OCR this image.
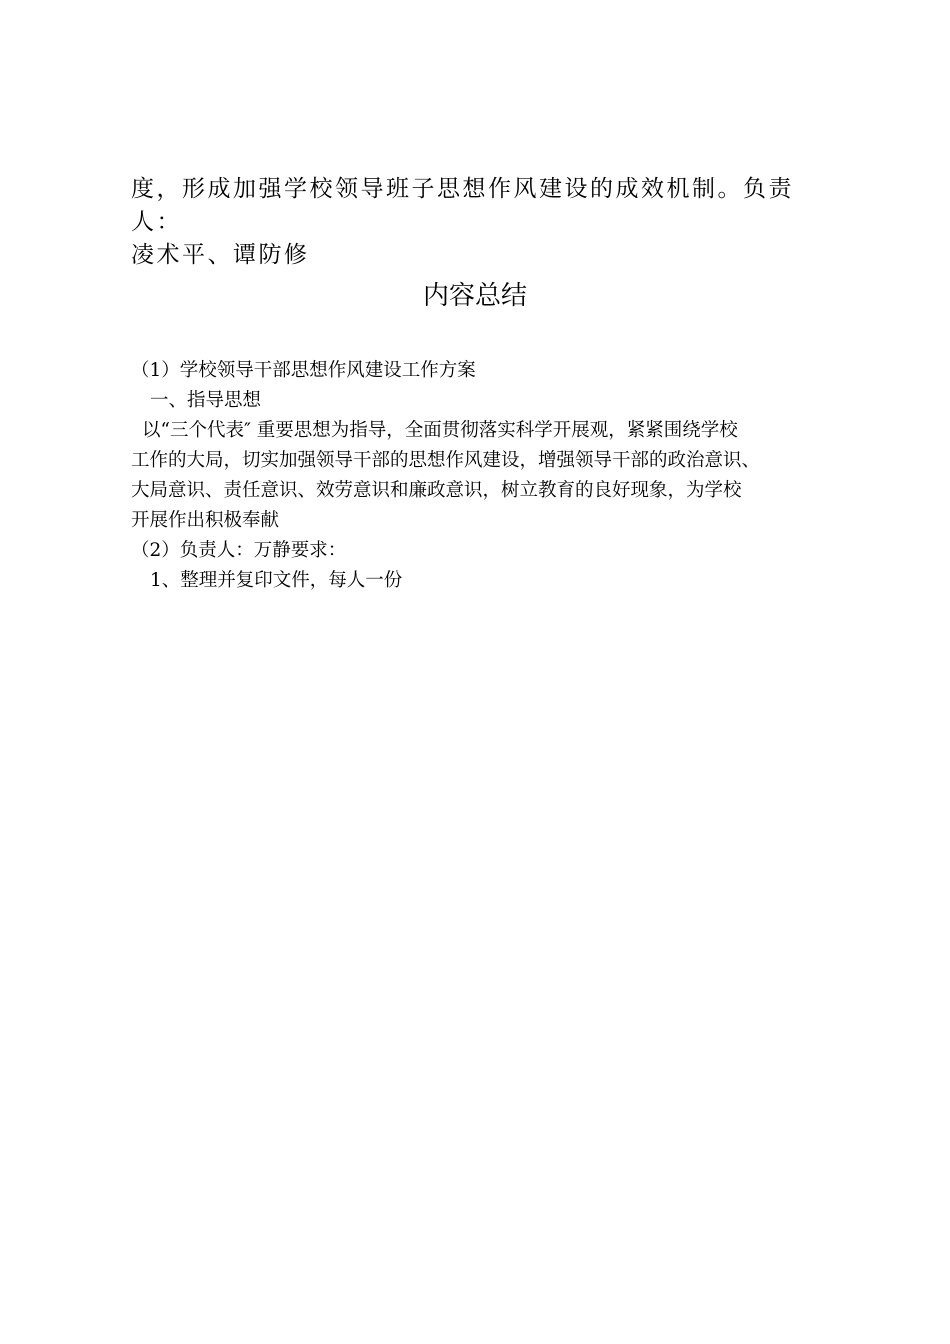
度，形成加强学校领导班子思想作风建设的成效机制。负责人：
凌术平、谭防修
内容总结

（1）学校领导干部思想作风建设工作方案

一、指导思想

以“三个代表″ 重要思想为指导，全面贯彻落实科学开展观，紧紧围绕学校

工作的大局，切实加强领导干部的思想作风建设，增强领导干部的政治意识、

大局意识、责任意识、效劳意识和廉政意识，树立教育的良好现象，为学校

开展作出积极奉献

（2）负责人：万静要求：

1、整理并复印文件，每人一份
